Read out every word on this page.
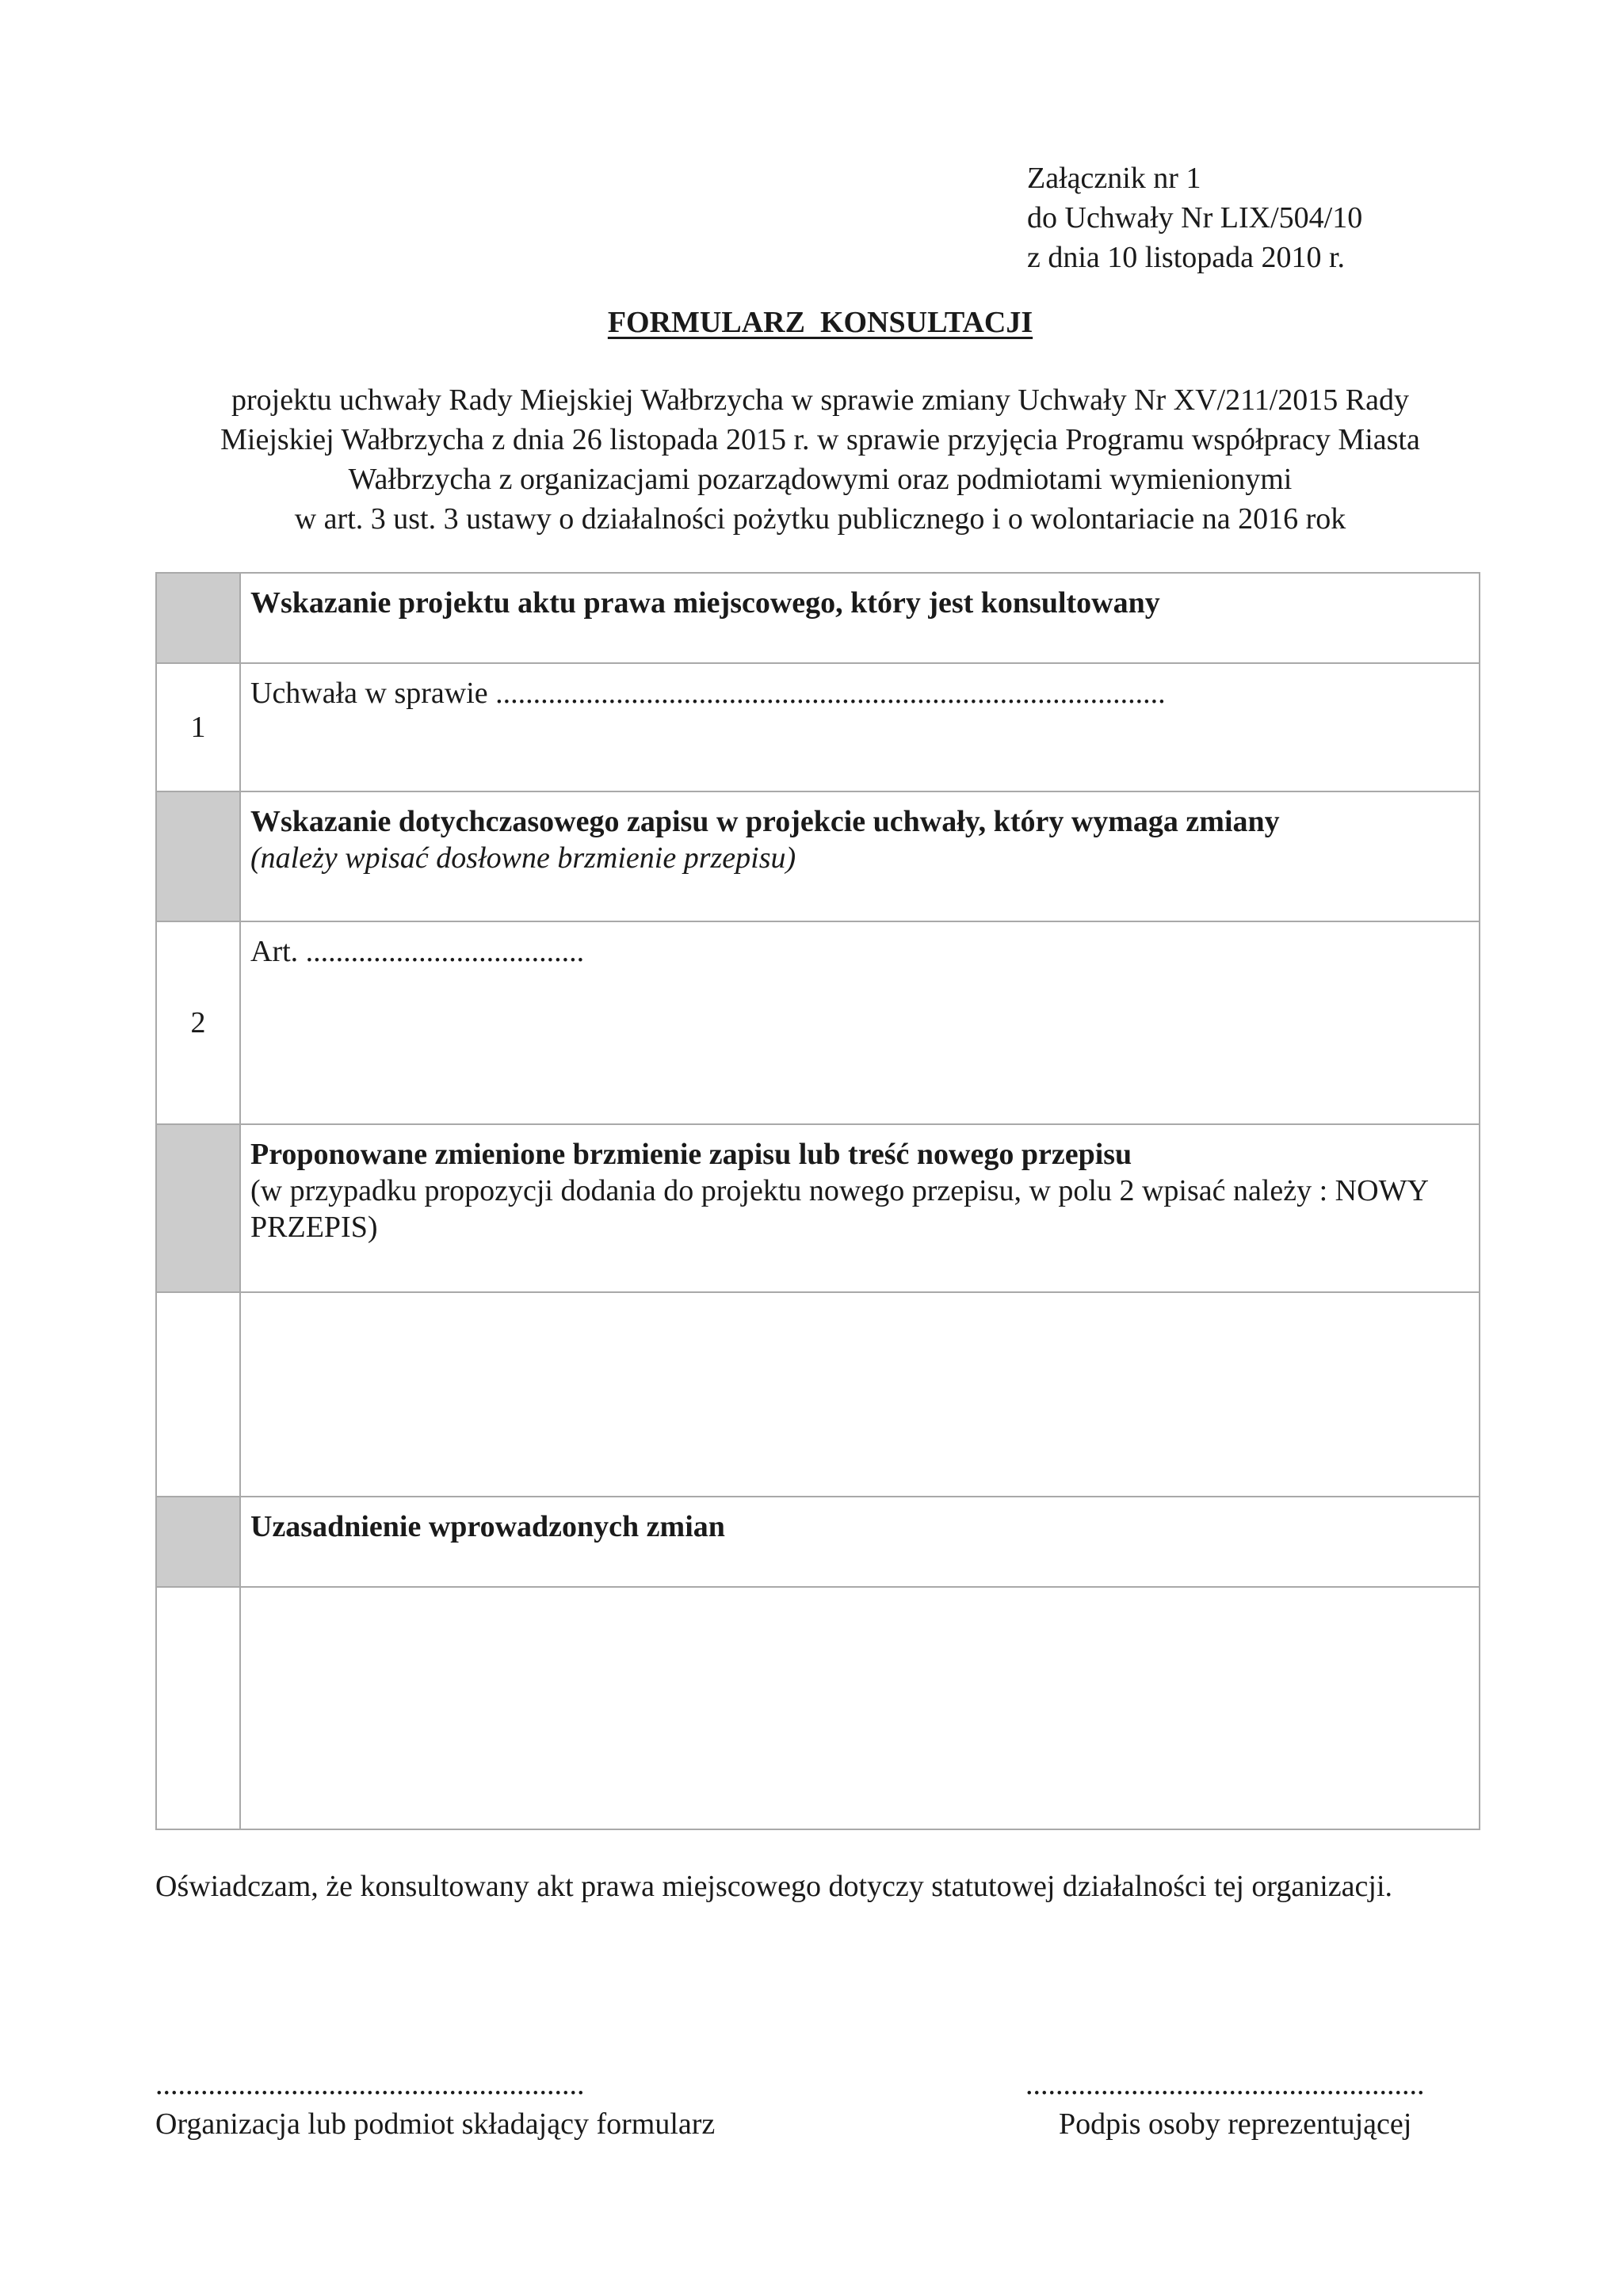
Załącznik nr 1
do Uchwały Nr LIX/504/10
z dnia 10 listopada 2010 r.
FORMULARZ  KONSULTACJI
projektu uchwały Rady Miejskiej Wałbrzycha w sprawie zmiany Uchwały Nr XV/211/2015 Rady
Miejskiej Wałbrzycha z dnia 26 listopada 2015 r. w sprawie przyjęcia Programu współpracy Miasta
Wałbrzycha z organizacjami pozarządowymi oraz podmiotami wymienionymi
w art. 3 ust. 3 ustawy o działalności pożytku publicznego i o wolontariacie na 2016 rok
	Wskazanie projektu aktu prawa miejscowego, który jest konsultowany
1	Uchwała w sprawie .........................................................................................
	Wskazanie dotychczasowego zapisu w projekcie uchwały, który wymaga zmiany
(należy wpisać dosłowne brzmienie przepisu)

2	Art. .....................................
	Proponowane zmienione brzmienie zapisu lub treść nowego przepisu
(w przypadku propozycji dodania do projektu nowego przepisu, w polu 2 wpisać należy : NOWY PRZEPIS)

	Uzasadnienie wprowadzonych zmian

Oświadczam, że konsultowany akt prawa miejscowego dotyczy statutowej działalności tej organizacji.
.........................................................
Organizacja lub podmiot składający formularz
.....................................................
Podpis osoby reprezentującej
